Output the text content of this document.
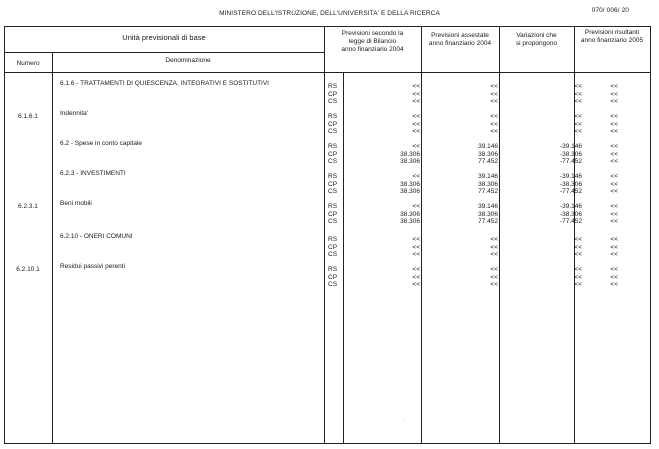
MINISTERO DELL'ISTRUZIONE, DELL'UNIVERSITA' E DELLA RICERCA	070/ 006/ 20
Unità previsionali di base
Numero	Denominazione
Previsioni secondo la
legge di Bilancio
anno finanziario 2004
Previsioni assestate
anno finanziario 2004
Variazioni che
si propongono
Previsioni risultanti
anno finanziario 2005
6.1.6 - TRATTAMENTI DI QUIESCENZA, INTEGRATIVI E SOSTITUTIVI	RS	<<	<<	<<	<<
CP	<<	<<	<<	<<
CS	<<	<<	<<	<<
6.1.6.1	Indennita'	RS	<<	<<	<<	<<
CP	<<	<<	<<	<<
CS	<<	<<	<<	<<
6.2 - Spese in conto capitale	RS	<<	39.146	-39.146	<<
CP	38.306	38.306	-38.306	<<
CS	38.306	77.452	-77.452	<<
6.2.3 - INVESTIMENTI	RS	<<	39.146	-39.146	<<
CP	38.306	38.306	-38.306	<<
CS	38.306	77.452	-77.452	<<
6.2.3.1	Beni mobili	RS	<<	39.146	-39.146	<<
CP	38.306	38.306	-38.306	<<
CS	38.306	77.452	-77.452	<<
6.2.10 - ONERI COMUNI	RS	<<	<<	<<	<<
CP	<<	<<	<<	<<
CS	<<	<<	<<	<<
6.2.10.1	Residui passivi perenti	RS	<<	<<	<<	<<
CP	<<	<<	<<	<<
CS	<<	<<	<<	<<
.
